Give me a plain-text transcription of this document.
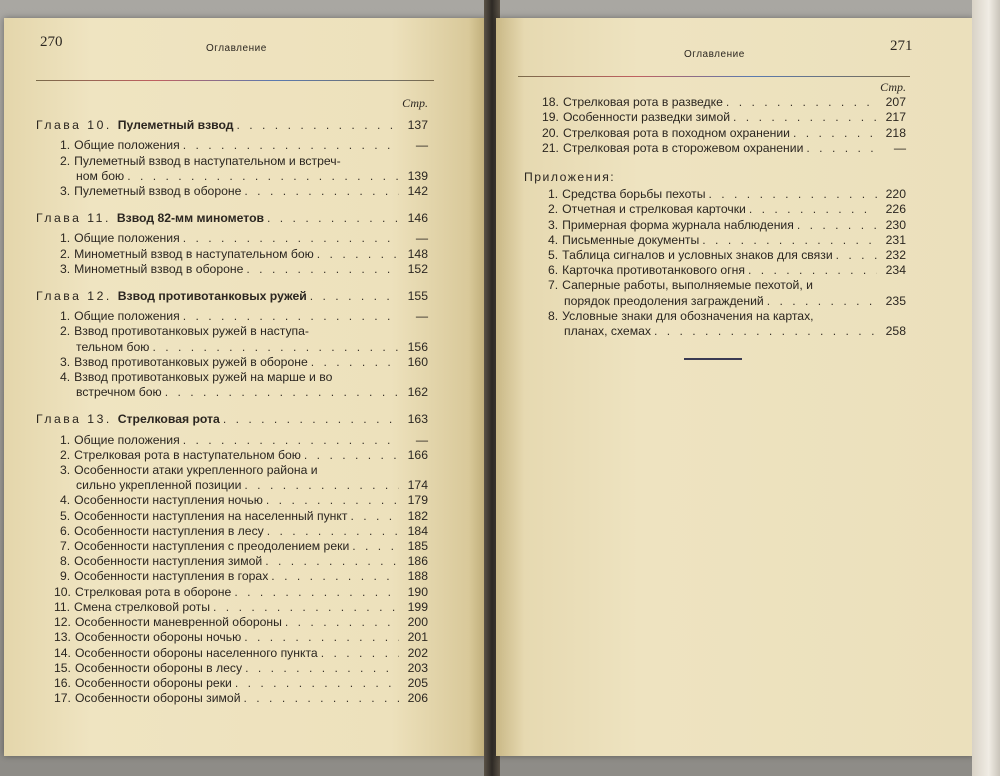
270	Оглавление
Оглавление
271
Стр.
Глава 10. Пулеметный взвод . . .	137
1. Общие положения . . .	—
2. Пулеметный взвод в наступательном и встреч-
ном бою . . .	139
3. Пулеметный взвод в обороне . . .	142
Глава 11. Взвод 82-мм минометов . . .	146
1. Общие положения . . .	—
2. Минометный взвод в наступательном бою . . .	148
3. Минометный взвод в обороне . . .	152
Глава 12. Взвод противотанковых ружей . . .	155
1. Общие положения . . .	—
2. Взвод противотанковых ружей в наступа-
тельном бою . . .	156
3. Взвод противотанковых ружей в обороне . . .	160
4. Взвод противотанковых ружей на марше и во
встречном бою . . .	162
Глава 13. Стрелковая рота . . .	163
1. Общие положения . . .	—
2. Стрелковая рота в наступательном бою . . .	166
3. Особенности атаки укрепленного района и
сильно укрепленной позиции . . .	174
4. Особенности наступления ночью . . .	179
5. Особенности наступления на населенный пункт . . .	182
6. Особенности наступления в лесу . . .	184
7. Особенности наступления с преодолением реки . . .	185
8. Особенности наступления зимой . . .	186
9. Особенности наступления в горах . . .	188
10. Стрелковая рота в обороне . . .	190
11. Смена стрелковой роты . . .	199
12. Особенности маневренной обороны . . .	200
13. Особенности обороны ночью . . .	201
14. Особенности обороны населенного пункта . . .	202
15. Особенности обороны в лесу . . .	203
16. Особенности обороны реки . . .	205
17. Особенности обороны зимой . . .	206
Стр.
18. Стрелковая рота в разведке . . .	207
19. Особенности разведки зимой . . .	217
20. Стрелковая рота в походном охранении . . .	218
21. Стрелковая рота в сторожевом охранении . . .	—
Приложения:
1. Средства борьбы пехоты . . .	220
2. Отчетная и стрелковая карточки . . .	226
3. Примерная форма журнала наблюдения . . .	230
4. Письменные документы . . .	231
5. Таблица сигналов и условных знаков для связи . . .	232
6. Карточка противотанкового огня . . .	234
7. Саперные работы, выполняемые пехотой, и
порядок преодоления заграждений . . .	235
8. Условные знаки для обозначения на картах,
планах, схемах . . .	258
